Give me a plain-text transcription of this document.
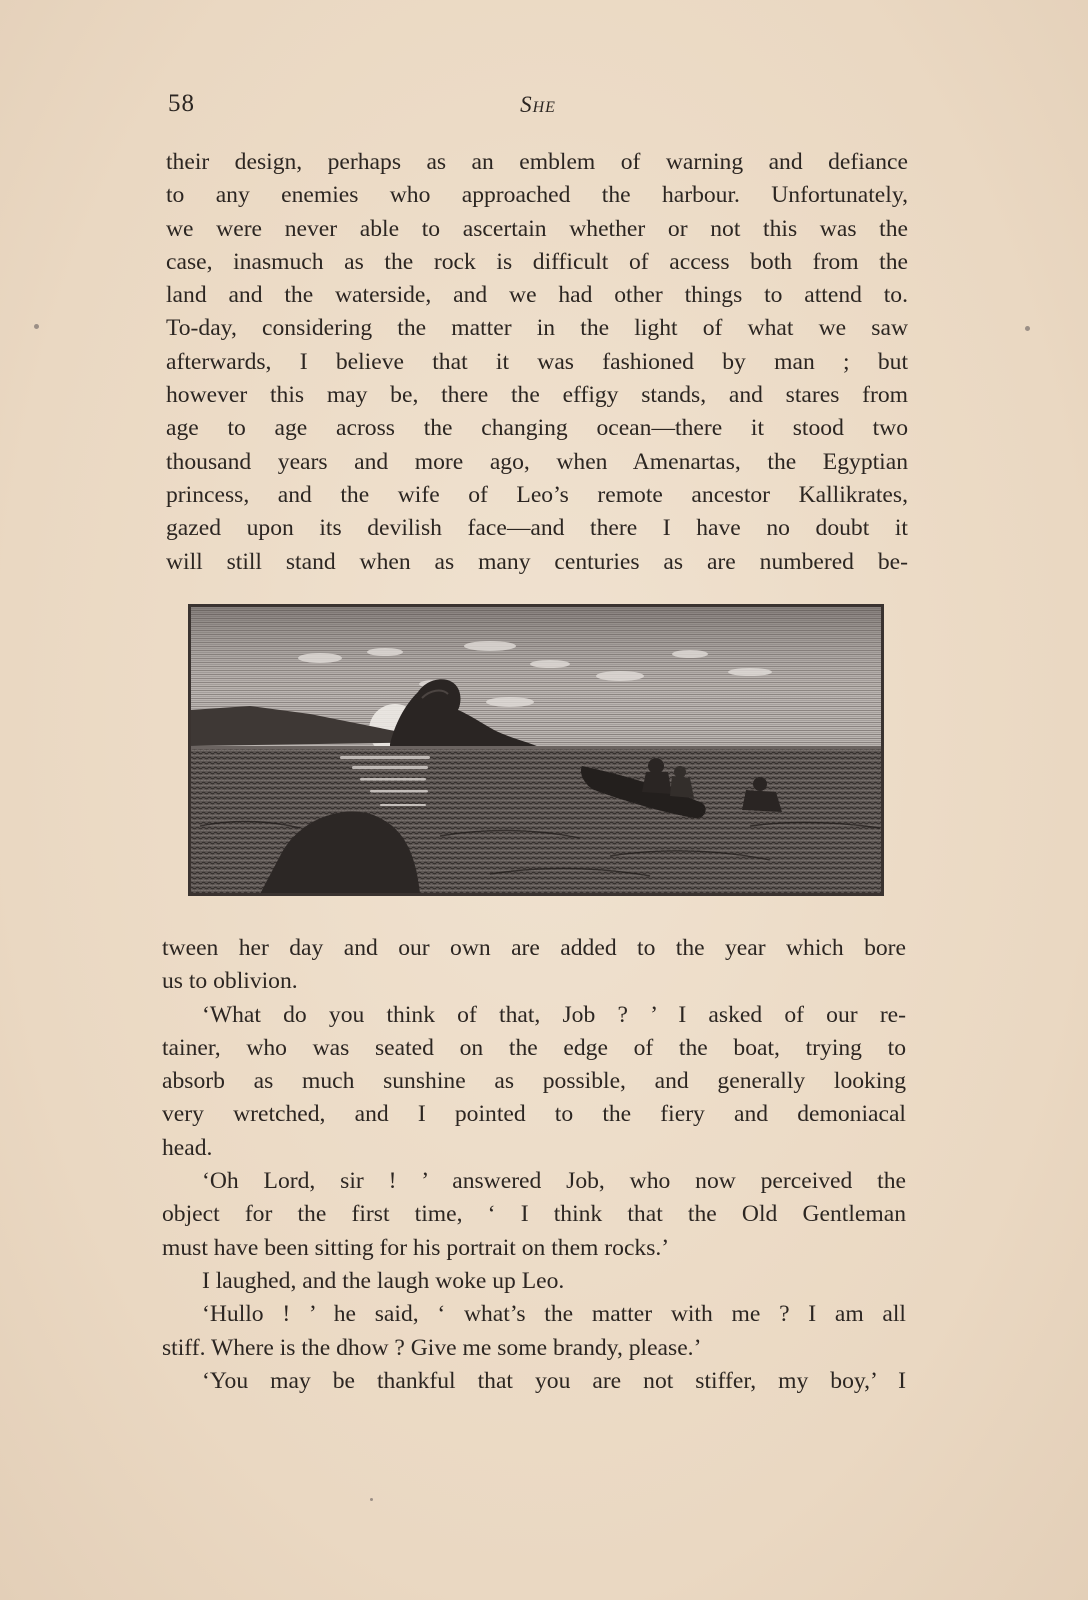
58	She
their design, perhaps as an emblem of warning and defiance
to any enemies who approached the harbour. Unfortunately,
we were never able to ascertain whether or not this was the
case, inasmuch as the rock is difficult of access both from the
land and the waterside, and we had other things to attend to.
To-day, considering the matter in the light of what we saw
afterwards, I believe that it was fashioned by man ; but
however this may be, there the effigy stands, and stares from
age to age across the changing ocean—there it stood two
thousand years and more ago, when Amenartas, the Egyptian
princess, and the wife of Leo’s remote ancestor Kallikrates,
gazed upon its devilish face—and there I have no doubt it
will still stand when as many centuries as are numbered be-
tween her day and our own are added to the year which bore
us to oblivion.
‘What do you think of that, Job ? ’ I asked of our re-
tainer, who was seated on the edge of the boat, trying to
absorb as much sunshine as possible, and generally looking
very wretched, and I pointed to the fiery and demoniacal
head.
‘Oh Lord, sir ! ’ answered Job, who now perceived the
object for the first time, ‘ I think that the Old Gentleman
must have been sitting for his portrait on them rocks.’
I laughed, and the laugh woke up Leo.
‘Hullo ! ’ he said, ‘ what’s the matter with me ? I am all
stiff. Where is the dhow ? Give me some brandy, please.’
‘You may be thankful that you are not stiffer, my boy,’ I
